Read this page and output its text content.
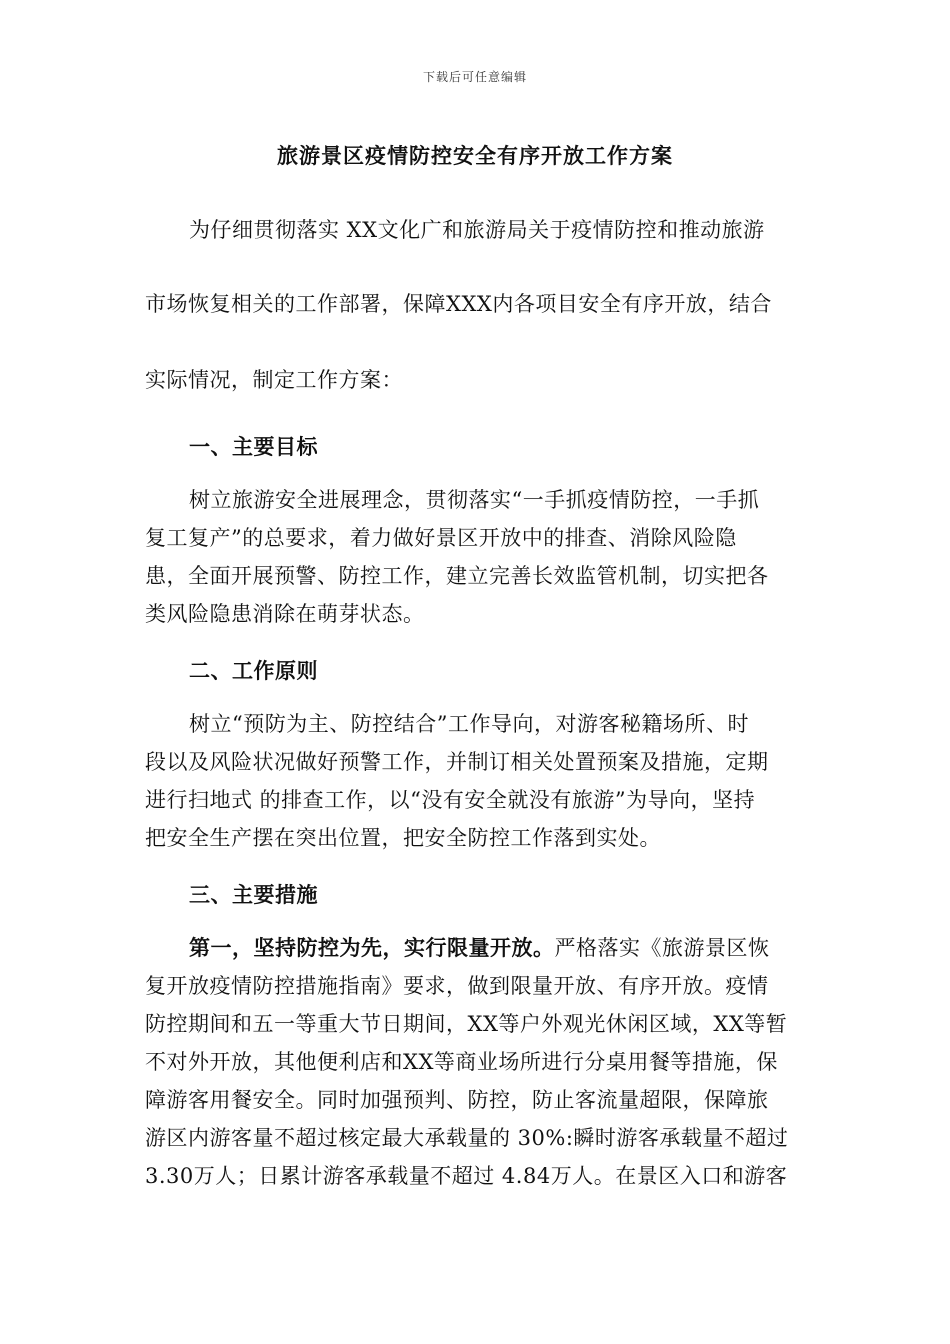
下载后可任意编辑
旅游景区疫情防控安全有序开放工作方案
为仔细贯彻落实 XX文化广和旅游局关于疫情防控和推动旅游
市场恢复相关的工作部署，保障XXX内各项目安全有序开放，结合
实际情况，制定工作方案：
一、主要目标
树立旅游安全进展理念，贯彻落实“一手抓疫情防控，一手抓
复工复产”的总要求，着力做好景区开放中的排查、消除风险隐
患，全面开展预警、防控工作，建立完善长效监管机制，切实把各
类风险隐患消除在萌芽状态。
二、工作原则
树立“预防为主、防控结合”工作导向，对游客秘籍场所、时
段以及风险状况做好预警工作，并制订相关处置预案及措施，定期
进行扫地式 的排查工作，以“没有安全就没有旅游”为导向，坚持
把安全生产摆在突出位置，把安全防控工作落到实处。
三、主要措施
第一，坚持防控为先，实行限量开放。严格落实《旅游景区恢
复开放疫情防控措施指南》要求，做到限量开放、有序开放。疫情
防控期间和五一等重大节日期间，XX等户外观光休闲区域，XX等暂
不对外开放，其他便利店和XX等商业场所进行分桌用餐等措施，保
障游客用餐安全。同时加强预判、防控，防止客流量超限，保障旅
游区内游客量不超过核定最大承载量的 30%:瞬时游客承载量不超过
3.30万人；日累计游客承载量不超过 4.84万人。在景区入口和游客
